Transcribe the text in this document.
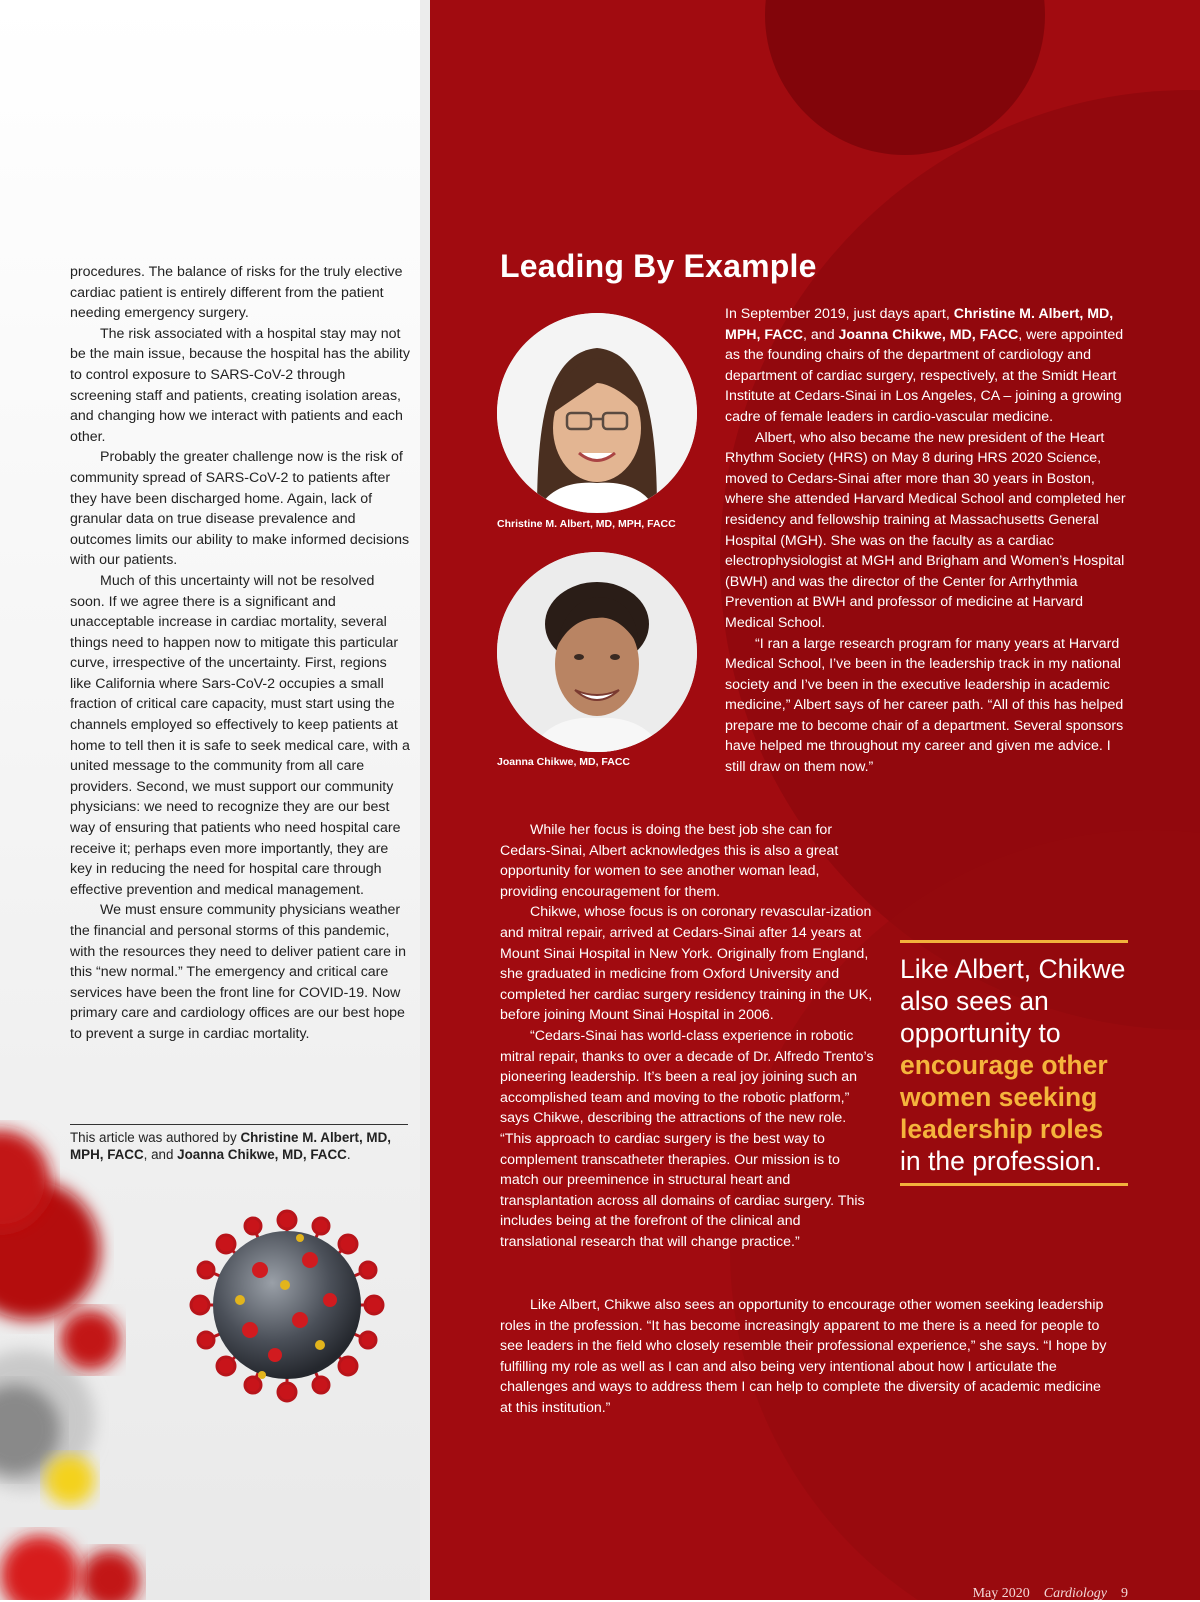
procedures. The balance of risks for the truly elective cardiac patient is entirely different from the patient needing emergency surgery.

The risk associated with a hospital stay may not be the main issue, because the hospital has the ability to control exposure to SARS-CoV-2 through screening staff and patients, creating isolation areas, and changing how we interact with patients and each other.

Probably the greater challenge now is the risk of community spread of SARS-CoV-2 to patients after they have been discharged home. Again, lack of granular data on true disease prevalence and outcomes limits our ability to make informed decisions with our patients.

Much of this uncertainty will not be resolved soon. If we agree there is a significant and unacceptable increase in cardiac mortality, several things need to happen now to mitigate this particular curve, irrespective of the uncertainty. First, regions like California where Sars-CoV-2 occupies a small fraction of critical care capacity, must start using the channels employed so effectively to keep patients at home to tell then it is safe to seek medical care, with a united message to the community from all care providers. Second, we must support our community physicians: we need to recognize they are our best way of ensuring that patients who need hospital care receive it; perhaps even more importantly, they are key in reducing the need for hospital care through effective prevention and medical management.

We must ensure community physicians weather the financial and personal storms of this pandemic, with the resources they need to deliver patient care in this “new normal.” The emergency and critical care services have been the front line for COVID-19. Now primary care and cardiology offices are our best hope to prevent a surge in cardiac mortality.

This article was authored by Christine M. Albert, MD, MPH, FACC, and Joanna Chikwe, MD, FACC.
Leading By Example
Christine M. Albert, MD, MPH, FACC
Joanna Chikwe, MD, FACC

In September 2019, just days apart, Christine M. Albert, MD, MPH, FACC, and Joanna Chikwe, MD, FACC, were appointed as the founding chairs of the department of cardiology and department of cardiac surgery, respectively, at the Smidt Heart Institute at Cedars-Sinai in Los Angeles, CA – joining a growing cadre of female leaders in cardio-vascular medicine.

Albert, who also became the new president of the Heart Rhythm Society (HRS) on May 8 during HRS 2020 Science, moved to Cedars-Sinai after more than 30 years in Boston, where she attended Harvard Medical School and completed her residency and fellowship training at Massachusetts General Hospital (MGH). She was on the faculty as a cardiac electrophysiologist at MGH and Brigham and Women’s Hospital (BWH) and was the director of the Center for Arrhythmia Prevention at BWH and professor of medicine at Harvard Medical School.

“I ran a large research program for many years at Harvard Medical School, I’ve been in the leadership track in my national society and I’ve been in the executive leadership in academic medicine,” Albert says of her career path. “All of this has helped prepare me to become chair of a department. Several sponsors have helped me throughout my career and given me advice. I still draw on them now.”

While her focus is doing the best job she can for Cedars-Sinai, Albert acknowledges this is also a great opportunity for women to see another woman lead, providing encouragement for them.

Chikwe, whose focus is on coronary revascular-ization and mitral repair, arrived at Cedars-Sinai after 14 years at Mount Sinai Hospital in New York. Originally from England, she graduated in medicine from Oxford University and completed her cardiac surgery residency training in the UK, before joining Mount Sinai Hospital in 2006.

“Cedars-Sinai has world-class experience in robotic mitral repair, thanks to over a decade of Dr. Alfredo Trento’s pioneering leadership. It’s been a real joy joining such an accomplished team and moving to the robotic platform,” says Chikwe, describing the attractions of the new role. “This approach to cardiac surgery is the best way to complement transcatheter therapies. Our mission is to match our preeminence in structural heart and transplantation across all domains of cardiac surgery. This includes being at the forefront of the clinical and translational research that will change practice.”

Like Albert, Chikwe also sees an opportunity to encourage other women seeking leadership roles in the profession.

Like Albert, Chikwe also sees an opportunity to encourage other women seeking leadership roles in the profession. “It has become increasingly apparent to me there is a need for people to see leaders in the field who closely resemble their professional experience,” she says. “I hope by fulfilling my role as well as I can and also being very intentional about how I articulate the challenges and ways to address them I can help to complete the diversity of academic medicine at this institution.”

May 2020 Cardiology 9
